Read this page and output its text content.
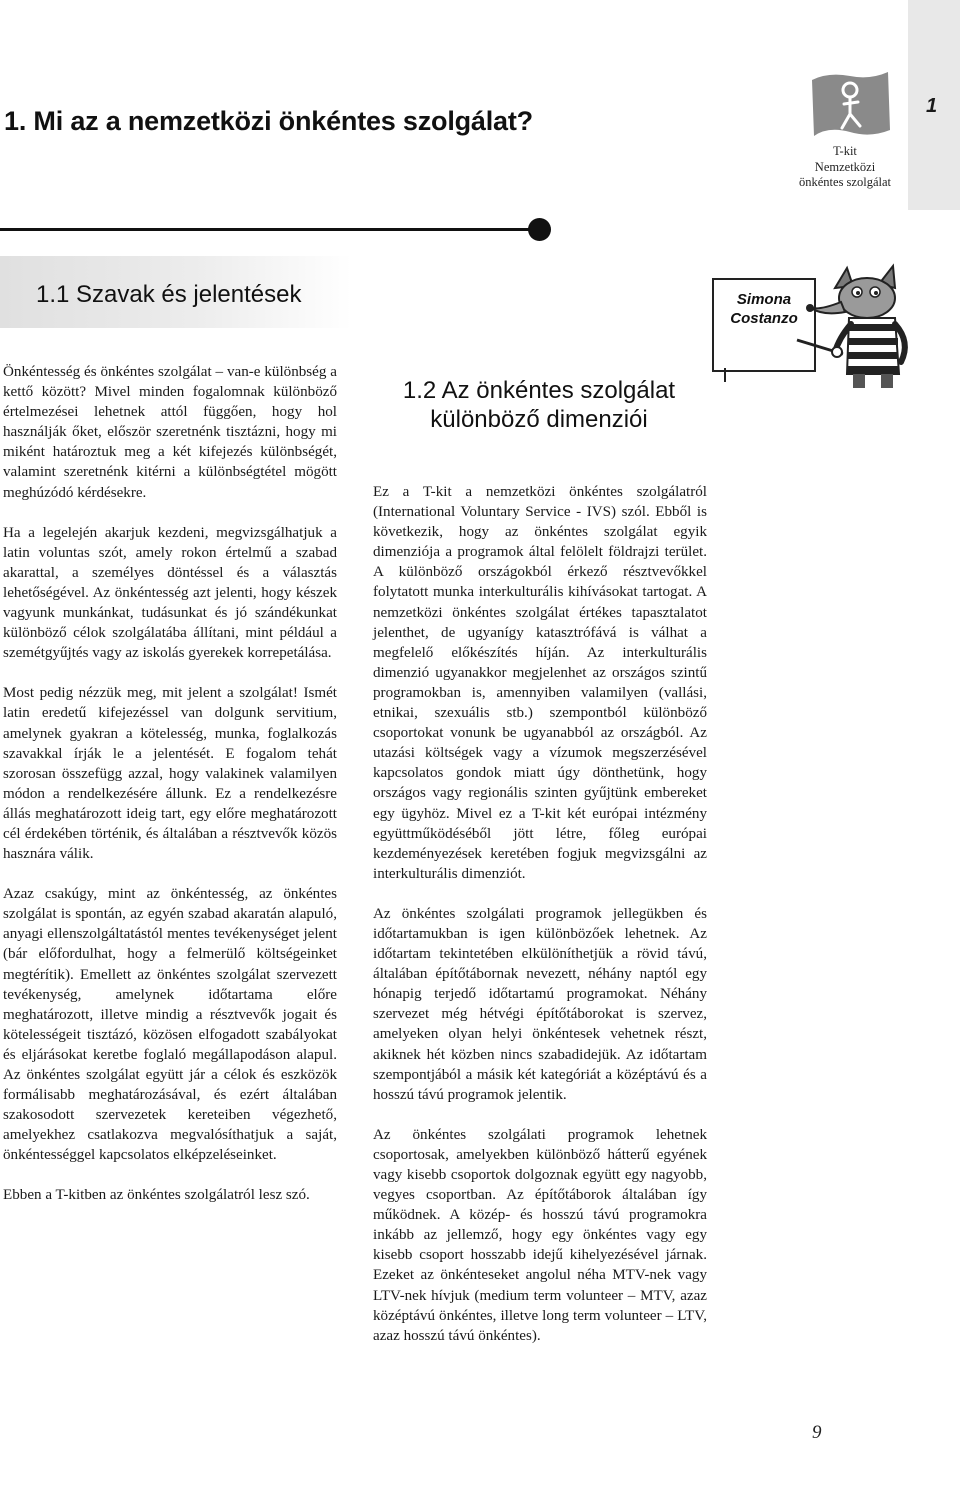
1
T-kit
Nemzetközi
önkéntes szolgálat
1. Mi az a nemzetközi önkéntes szolgálat?
1.1 Szavak és jelentések	Simona
Costanzo
1.2 Az önkéntes szolgálat
különböző dimenziói

Önkéntesség és önkéntes szolgálat – van-e különbség a kettő között? Mivel minden fogalomnak különböző értelmezései lehetnek attól függően, hogy hol használják őket, először szeretnénk tisztázni, hogy mi miként határoztuk meg a két kifejezés különbségét, valamint szeretnénk kitérni a különbségtétel mögött meghúzódó kérdésekre.

Ha a legelején akarjuk kezdeni, megvizsgálhatjuk a latin voluntas szót, amely rokon értelmű a szabad akarattal, a személyes döntéssel és a választás lehetőségével. Az önkéntesség azt jelenti, hogy készek vagyunk munkánkat, tudásunkat és jó szándékunkat különböző célok szolgálatába állítani, mint például a szemétgyűjtés vagy az iskolás gyerekek korrepetálása.

Most pedig nézzük meg, mit jelent a szolgálat! Ismét latin eredetű kifejezéssel van dolgunk servitium, amelynek gyakran a kötelesség, munka, foglalkozás szavakkal írják le a jelentését. E fogalom tehát szorosan összefügg azzal, hogy valakinek valamilyen módon a rendelkezésére állunk. Ez a rendelkezésre állás meghatározott ideig tart, egy előre meghatározott cél érdekében történik, és általában a résztvevők közös hasznára válik.

Azaz csakúgy, mint az önkéntesség, az önkéntes szolgálat is spontán, az egyén szabad akaratán alapuló, anyagi ellenszolgáltatástól mentes tevékenységet jelent (bár előfordulhat, hogy a felmerülő költségeinket megtérítik). Emellett az önkéntes szolgálat szervezett tevékenység, amelynek időtartama előre meghatározott, illetve mindig a résztvevők jogait és kötelességeit tisztázó, közösen elfogadott szabályokat és eljárásokat keretbe foglaló megállapodáson alapul. Az önkéntes szolgálat együtt jár a célok és eszközök formálisabb meghatározásával, és ezért általában szakosodott szervezetek kereteiben végezhető, amelyekhez csatlakozva megvalósíthatjuk a saját, önkéntességgel kapcsolatos elképzeléseinket.

Ebben a T-kitben az önkéntes szolgálatról lesz szó.

Ez a T-kit a nemzetközi önkéntes szolgálatról (International Voluntary Service - IVS) szól. Ebből is következik, hogy az önkéntes szolgálat egyik dimenziója a programok által felölelt földrajzi terület. A különböző országokból érkező résztvevőkkel folytatott munka interkulturális kihívásokat tartogat. A nemzetközi önkéntes szolgálat értékes tapasztalatot jelenthet, de ugyanígy katasztrófává is válhat a megfelelő előkészítés híján. Az interkulturális dimenzió ugyanakkor megjelenhet az országos szintű programokban is, amennyiben valamilyen (vallási, etnikai, szexuális stb.) szempontból különböző csoportokat vonunk be ugyanabból az országból. Az utazási költségek vagy a vízumok megszerzésével kapcsolatos gondok miatt úgy dönthetünk, hogy országos vagy regionális szinten gyűjtünk embereket egy ügyhöz. Mivel ez a T-kit két európai intézmény együttműködéséből jött létre, főleg európai kezdeményezések keretében fogjuk megvizsgálni az interkulturális dimenziót.

Az önkéntes szolgálati programok jellegükben és időtartamukban is igen különbözőek lehetnek. Az időtartam tekintetében elkülöníthetjük a rövid távú, általában építőtábornak nevezett, néhány naptól egy hónapig terjedő időtartamú programokat. Néhány szervezet még hétvégi építőtáborokat is szervez, amelyeken olyan helyi önkéntesek vehetnek részt, akiknek hét közben nincs szabadidejük. Az időtartam szempontjából a másik két kategóriát a középtávú és a hosszú távú programok jelentik.

Az önkéntes szolgálati programok lehetnek csoportosak, amelyekben különböző hátterű egyének vagy kisebb csoportok dolgoznak együtt egy nagyobb, vegyes csoportban. Az építőtáborok általában így működnek. A közép- és hosszú távú programokra inkább az jellemző, hogy egy önkéntes vagy egy kisebb csoport hosszabb idejű kihelyezésével járnak. Ezeket az önkénteseket angolul néha MTV-nek vagy LTV-nek hívjuk (medium term volunteer – MTV, azaz középtávú önkéntes, illetve long term volunteer – LTV, azaz hosszú távú önkéntes).

9
